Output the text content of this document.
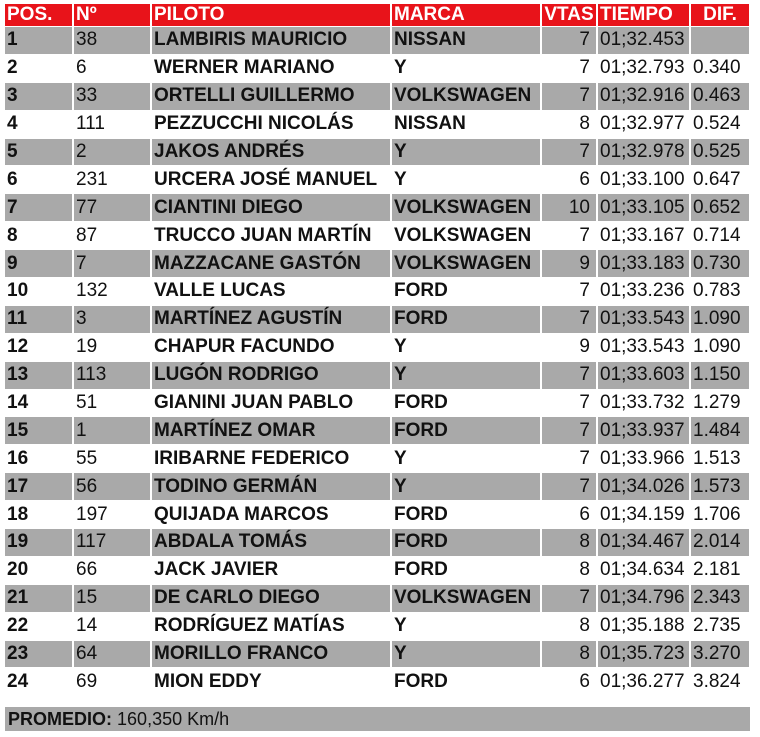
POS.	Nº	PILOTO	MARCA	VTAS	TIEMPO	DIF.
1	38	LAMBIRIS MAURICIO	NISSAN	7	01;32.453	
2	6	WERNER MARIANO	Y	7	01;32.793	0.340
3	33	ORTELLI GUILLERMO	VOLKSWAGEN	7	01;32.916	0.463
4	111	PEZZUCCHI NICOLÁS	NISSAN	8	01;32.977	0.524
5	2	JAKOS ANDRÉS	Y	7	01;32.978	0.525
6	231	URCERA JOSÉ MANUEL	Y	6	01;33.100	0.647
7	77	CIANTINI DIEGO	VOLKSWAGEN	10	01;33.105	0.652
8	87	TRUCCO JUAN MARTÍN	VOLKSWAGEN	7	01;33.167	0.714
9	7	MAZZACANE GASTÓN	VOLKSWAGEN	9	01;33.183	0.730
10	132	VALLE LUCAS	FORD	7	01;33.236	0.783
11	3	MARTÍNEZ AGUSTÍN	FORD	7	01;33.543	1.090
12	19	CHAPUR FACUNDO	Y	9	01;33.543	1.090
13	113	LUGÓN RODRIGO	Y	7	01;33.603	1.150
14	51	GIANINI JUAN PABLO	FORD	7	01;33.732	1.279
15	1	MARTÍNEZ OMAR	FORD	7	01;33.937	1.484
16	55	IRIBARNE FEDERICO	Y	7	01;33.966	1.513
17	56	TODINO GERMÁN	Y	7	01;34.026	1.573
18	197	QUIJADA MARCOS	FORD	6	01;34.159	1.706
19	117	ABDALA TOMÁS	FORD	8	01;34.467	2.014
20	66	JACK JAVIER	FORD	8	01;34.634	2.181
21	15	DE CARLO DIEGO	VOLKSWAGEN	7	01;34.796	2.343
22	14	RODRÍGUEZ MATÍAS	Y	8	01;35.188	2.735
23	64	MORILLO FRANCO	Y	8	01;35.723	3.270
24	69	MION EDDY	FORD	6	01;36.277	3.824
PROMEDIO: 160,350 Km/h
